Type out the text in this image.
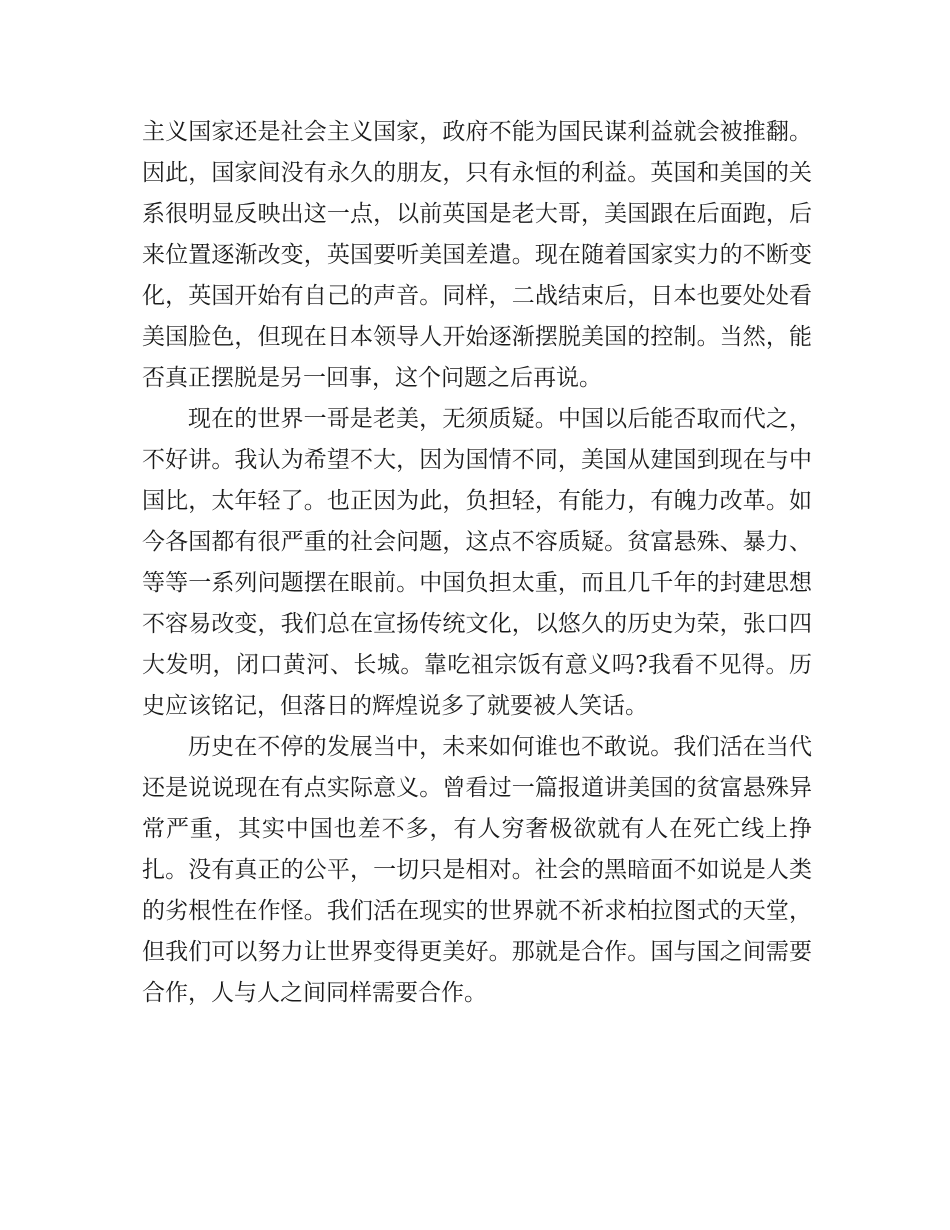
主义国家还是社会主义国家，政府不能为国民谋利益就会被推翻。因此，国家间没有永久的朋友，只有永恒的利益。英国和美国的关系很明显反映出这一点，以前英国是老大哥，美国跟在后面跑，后来位置逐渐改变，英国要听美国差遣。现在随着国家实力的不断变化，英国开始有自己的声音。同样，二战结束后，日本也要处处看美国脸色，但现在日本领导人开始逐渐摆脱美国的控制。当然，能否真正摆脱是另一回事，这个问题之后再说。

现在的世界一哥是老美，无须质疑。中国以后能否取而代之，不好讲。我认为希望不大，因为国情不同，美国从建国到现在与中国比，太年轻了。也正因为此，负担轻，有能力，有魄力改革。如今各国都有很严重的社会问题，这点不容质疑。贫富悬殊、暴力、等等一系列问题摆在眼前。中国负担太重，而且几千年的封建思想不容易改变，我们总在宣扬传统文化，以悠久的历史为荣，张口四大发明，闭口黄河、长城。靠吃祖宗饭有意义吗?我看不见得。历史应该铭记，但落日的辉煌说多了就要被人笑话。

历史在不停的发展当中，未来如何谁也不敢说。我们活在当代还是说说现在有点实际意义。曾看过一篇报道讲美国的贫富悬殊异常严重，其实中国也差不多，有人穷奢极欲就有人在死亡线上挣扎。没有真正的公平，一切只是相对。社会的黑暗面不如说是人类的劣根性在作怪。我们活在现实的世界就不祈求柏拉图式的天堂，但我们可以努力让世界变得更美好。那就是合作。国与国之间需要合作，人与人之间同样需要合作。
